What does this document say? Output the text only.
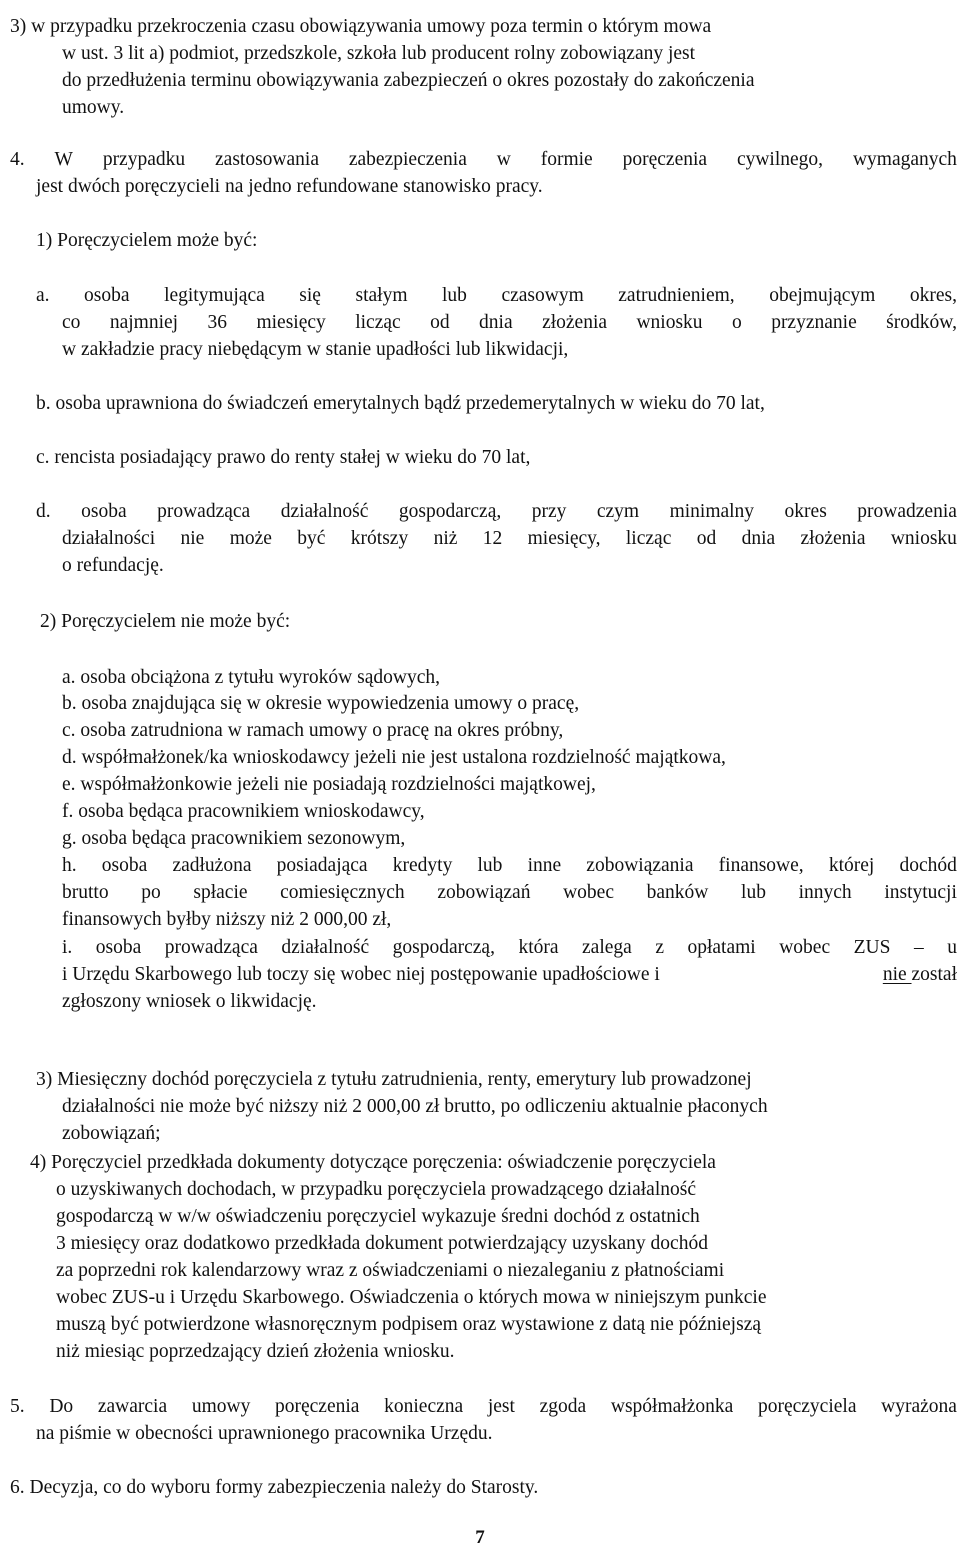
3) w przypadku przekroczenia czasu obowiązywania umowy poza termin o którym mowa
w ust. 3 lit a) podmiot, przedszkole, szkoła lub producent rolny zobowiązany jest
do przedłużenia terminu obowiązywania zabezpieczeń o okres pozostały do zakończenia
umowy.
4. W przypadku zastosowania zabezpieczenia w formie poręczenia cywilnego, wymaganych
jest dwóch poręczycieli na jedno refundowane stanowisko pracy.
1) Poręczycielem może być:
a. osoba legitymująca się stałym lub czasowym zatrudnieniem, obejmującym okres,
co najmniej 36 miesięcy licząc od dnia złożenia wniosku o przyznanie środków,
w zakładzie pracy niebędącym w stanie upadłości lub likwidacji,
b. osoba uprawniona do świadczeń emerytalnych bądź przedemerytalnych w wieku do 70 lat,
c. rencista posiadający prawo do renty stałej w wieku do 70 lat,
d. osoba prowadząca działalność gospodarczą, przy czym minimalny okres prowadzenia
działalności nie może być krótszy niż 12 miesięcy, licząc od dnia złożenia wniosku
o refundację.
2) Poręczycielem nie może być:
a. osoba obciążona z tytułu wyroków sądowych,
b. osoba znajdująca się w okresie wypowiedzenia umowy o pracę,
c. osoba zatrudniona w ramach umowy o pracę na okres próbny,
d. współmałżonek/ka wnioskodawcy jeżeli nie jest ustalona rozdzielność majątkowa,
e. współmałżonkowie jeżeli nie posiadają rozdzielności majątkowej,
f. osoba będąca pracownikiem wnioskodawcy,
g. osoba będąca pracownikiem sezonowym,
h. osoba zadłużona posiadająca kredyty lub inne zobowiązania finansowe, której dochód
brutto po spłacie comiesięcznych zobowiązań wobec banków lub innych instytucji
finansowych byłby niższy niż 2 000,00 zł,
i. osoba prowadząca działalność gospodarczą, która zalega z opłatami wobec ZUS – u
i Urzędu Skarbowego lub toczy się wobec niej postępowanie upadłościowe i	nie został
zgłoszony wniosek o likwidację.
3) Miesięczny dochód poręczyciela z tytułu zatrudnienia, renty, emerytury lub prowadzonej
działalności nie może być niższy niż 2 000,00 zł brutto, po odliczeniu aktualnie płaconych
zobowiązań;
4) Poręczyciel przedkłada dokumenty dotyczące poręczenia: oświadczenie poręczyciela
o uzyskiwanych dochodach, w przypadku poręczyciela prowadzącego działalność
gospodarczą w w/w oświadczeniu poręczyciel wykazuje średni dochód z ostatnich
3 miesięcy oraz dodatkowo przedkłada dokument potwierdzający uzyskany dochód
za poprzedni rok kalendarzowy wraz z oświadczeniami o niezaleganiu z płatnościami
wobec ZUS-u i Urzędu Skarbowego. Oświadczenia o których mowa w niniejszym punkcie
muszą być potwierdzone własnoręcznym podpisem oraz wystawione z datą nie późniejszą
niż miesiąc poprzedzający dzień złożenia wniosku.
5. Do zawarcia umowy poręczenia konieczna jest zgoda współmałżonka poręczyciela wyrażona
na piśmie w obecności uprawnionego pracownika Urzędu.
6. Decyzja, co do wyboru formy zabezpieczenia należy do Starosty.
7
